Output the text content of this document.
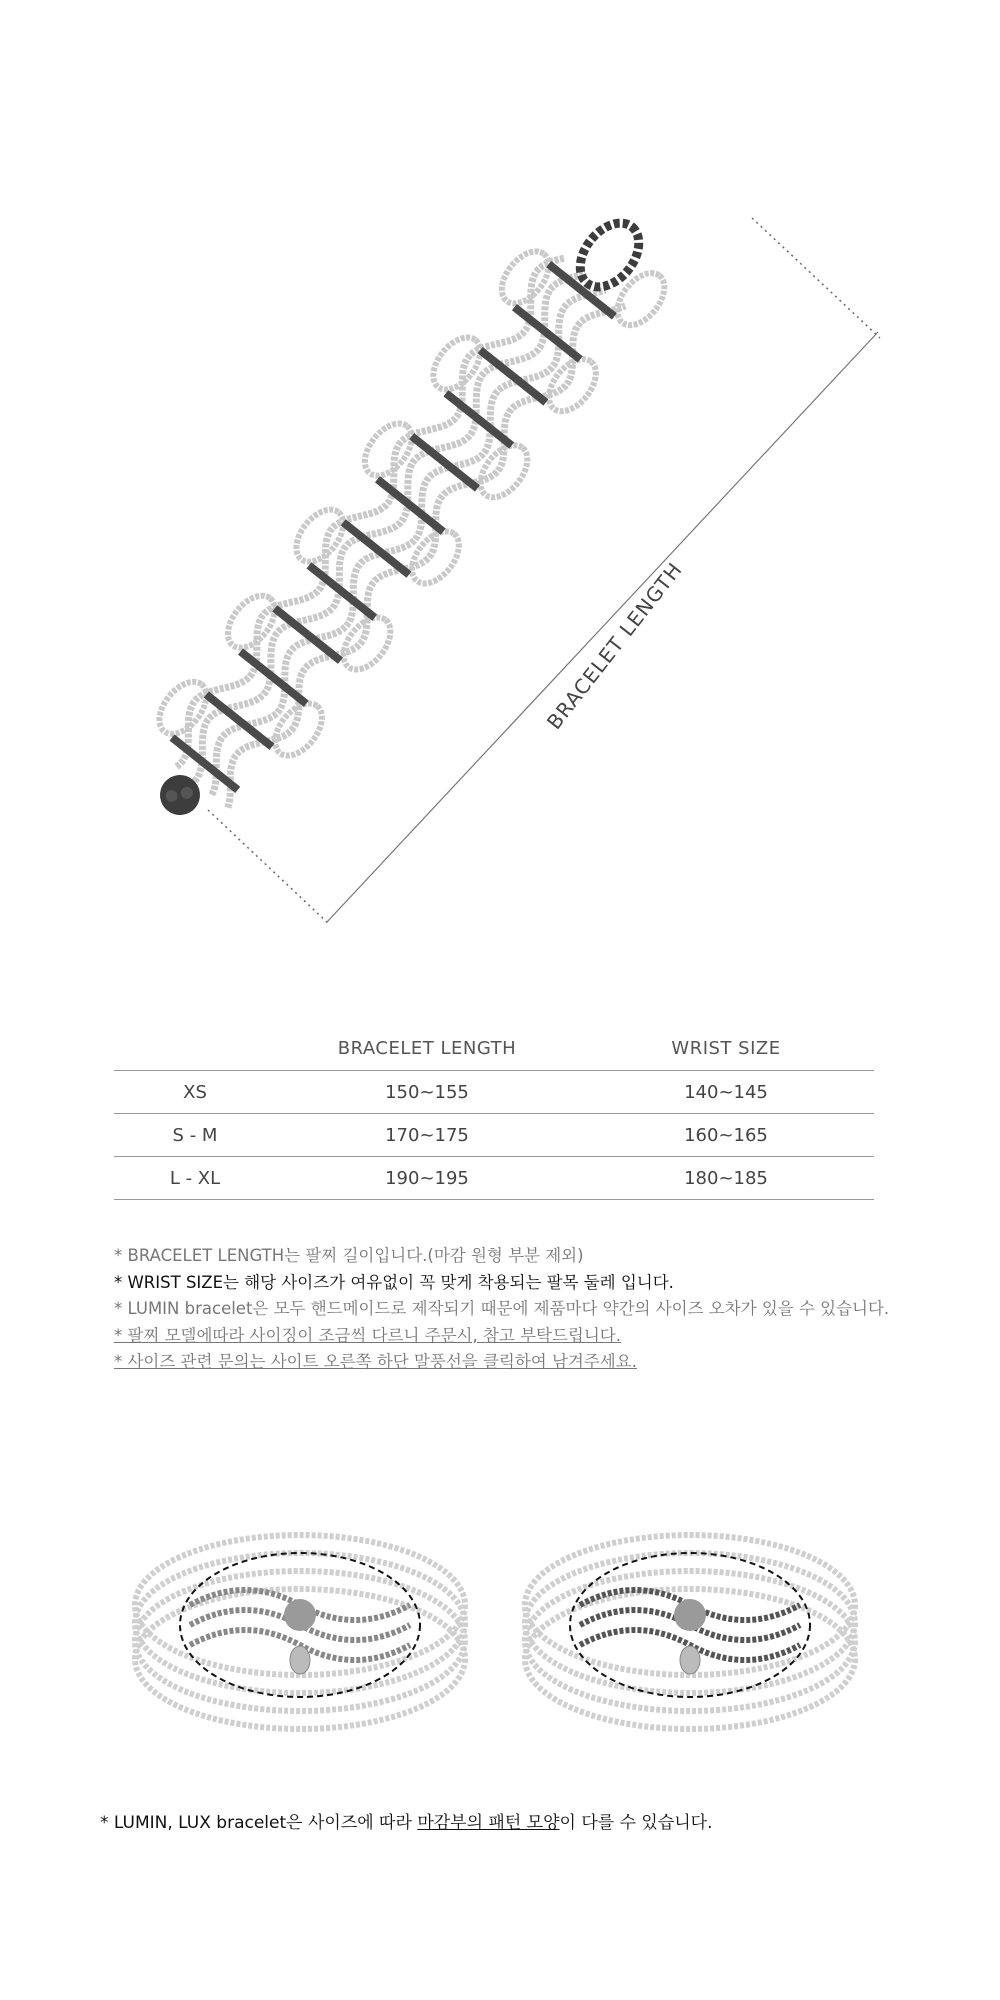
BRACELET LENGTH
	BRACELET LENGTH	WRIST SIZE
XS	150~155	140~145
S - M	170~175	160~165
L - XL	190~195	180~185
* BRACELET LENGTH는 팔찌 길이입니다.(마감 원형 부분 제외)
* WRIST SIZE는 해당 사이즈가 여유없이 꼭 맞게 착용되는 팔목 둘레 입니다.
* LUMIN bracelet은 모두 핸드메이드로 제작되기 때문에 제품마다 약간의 사이즈 오차가 있을 수 있습니다.
* 팔찌 모델에따라 사이징이 조금씩 다르니 주문시, 참고 부탁드립니다.
* 사이즈 관련 문의는 사이트 오른쪽 하단 말풍선을 클릭하여 남겨주세요.
* LUMIN, LUX bracelet은 사이즈에 따라 마감부의 패턴 모양이 다를 수 있습니다.
